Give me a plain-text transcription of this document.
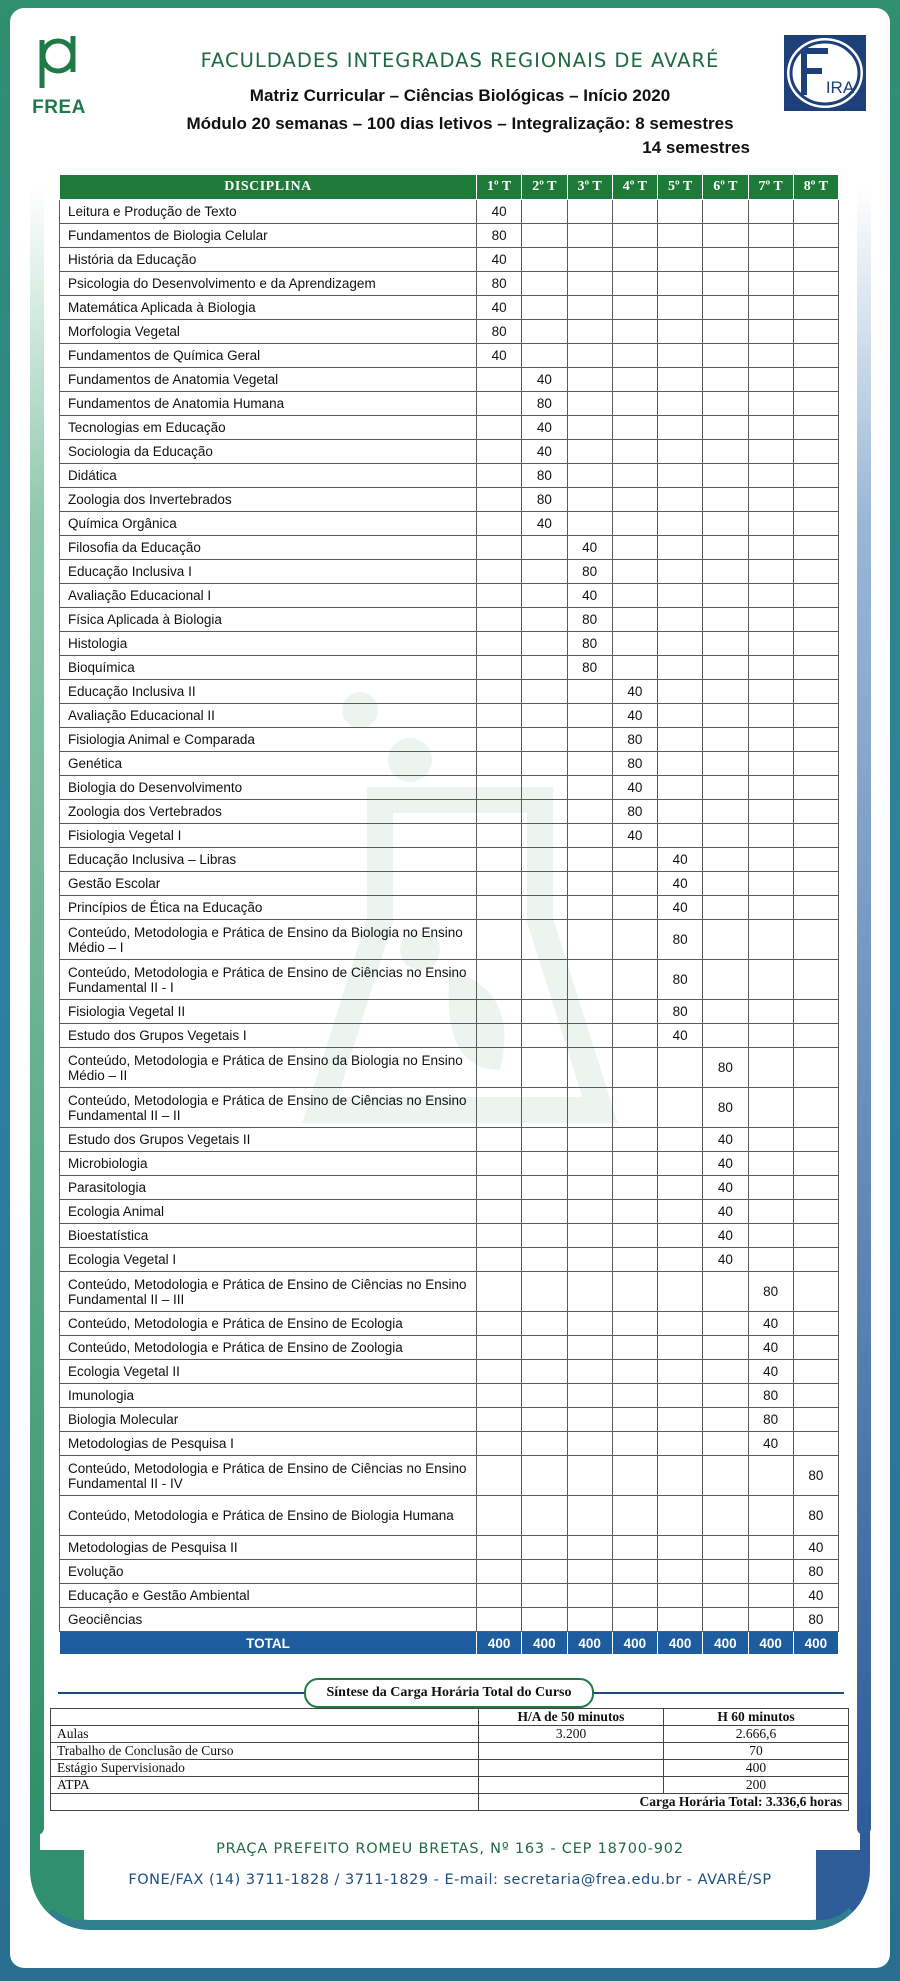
FREA
FACULDADES INTEGRADAS REGIONAIS DE AVARÉ
Matriz Curricular – Ciências Biológicas – Início 2020
Módulo 20 semanas – 100 dias letivos – Integralização: 8 semestres
14 semestres
IRA
DISCIPLINA	1º T	2º T	3º T	4º T	5º T	6º T	7º T	8º T
Leitura e Produção de Texto	40							
Fundamentos de Biologia Celular	80							
História da Educação	40							
Psicologia do Desenvolvimento e da Aprendizagem	80							
Matemática Aplicada à Biologia	40							
Morfologia Vegetal	80							
Fundamentos de Química Geral	40							
Fundamentos de Anatomia Vegetal		40						
Fundamentos de Anatomia Humana		80						
Tecnologias em Educação		40						
Sociologia da Educação		40						
Didática		80						
Zoologia dos Invertebrados		80						
Química Orgânica		40						
Filosofia da Educação			40					
Educação Inclusiva I			80					
Avaliação Educacional I			40					
Física Aplicada à Biologia			80					
Histologia			80					
Bioquímica			80					
Educação Inclusiva II				40				
Avaliação Educacional II				40				
Fisiologia Animal e Comparada				80				
Genética				80				
Biologia do Desenvolvimento				40				
Zoologia dos Vertebrados				80				
Fisiologia Vegetal I				40				
Educação Inclusiva – Libras					40			
Gestão Escolar					40			
Princípios de Ética na Educação					40			
Conteúdo, Metodologia e Prática de Ensino da Biologia no Ensino Médio – I					80			
Conteúdo, Metodologia e Prática de Ensino de Ciências no Ensino Fundamental II - I					80			
Fisiologia Vegetal II					80			
Estudo dos Grupos Vegetais I					40			
Conteúdo, Metodologia e Prática de Ensino da Biologia no Ensino Médio – II						80		
Conteúdo, Metodologia e Prática de Ensino de Ciências no Ensino Fundamental II – II						80		
Estudo dos Grupos Vegetais II						40		
Microbiologia						40		
Parasitologia						40		
Ecologia Animal						40		
Bioestatística						40		
Ecologia Vegetal I						40		
Conteúdo, Metodologia e Prática de Ensino de Ciências no Ensino Fundamental II – III							80	
Conteúdo, Metodologia e Prática de Ensino de Ecologia							40	
Conteúdo, Metodologia e Prática de Ensino de Zoologia							40	
Ecologia Vegetal II							40	
Imunologia							80	
Biologia Molecular							80	
Metodologias de Pesquisa I							40	
Conteúdo, Metodologia e Prática de Ensino de Ciências no Ensino Fundamental II - IV								80
Conteúdo, Metodologia e Prática de Ensino de Biologia Humana								80
Metodologias de Pesquisa II								40
Evolução								80
Educação e Gestão Ambiental								40
Geociências								80
TOTAL	400	400	400	400	400	400	400	400
Síntese da Carga Horária Total do Curso
	H/A de 50 minutos	H 60 minutos
Aulas	3.200	2.666,6
Trabalho de Conclusão de Curso		70
Estágio Supervisionado		400
ATPA		200
	Carga Horária Total: 3.336,6 horas	
PRAÇA PREFEITO ROMEU BRETAS, Nº 163 - CEP 18700-902
FONE/FAX (14) 3711-1828 / 3711-1829 - E-mail: secretaria@frea.edu.br - AVARÉ/SP
